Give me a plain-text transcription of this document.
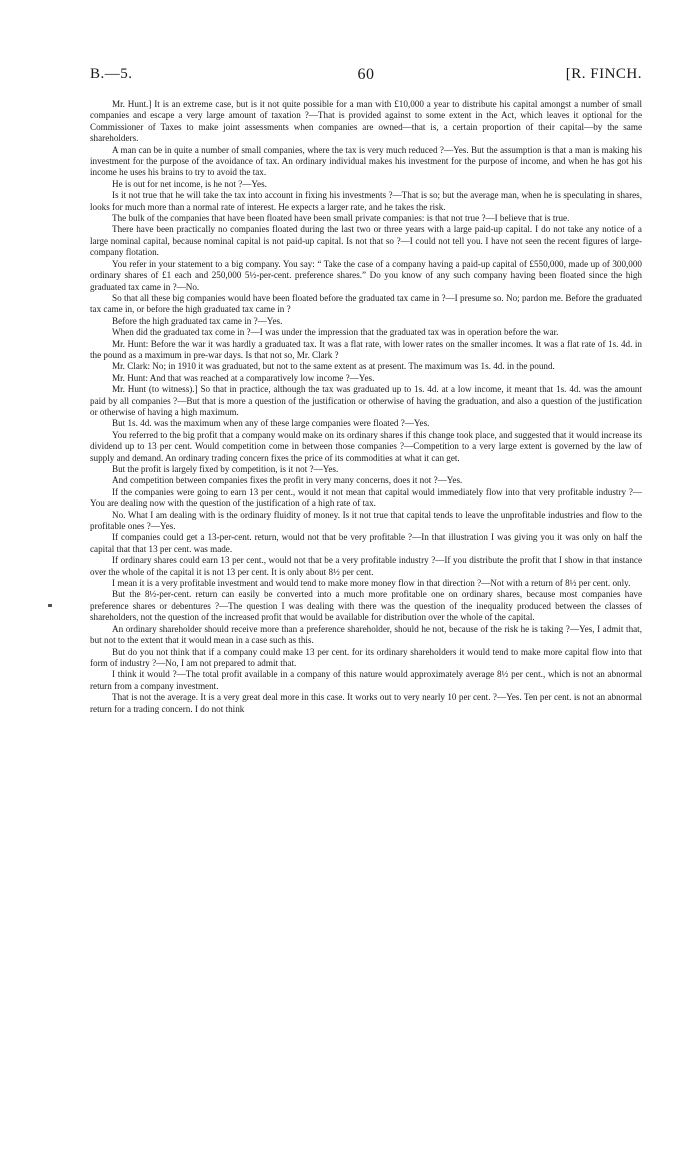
B.—5.	60	[R. FINCH.

Mr. Hunt.] It is an extreme case, but is it not quite possible for a man with £10,000 a year to distribute his capital amongst a number of small companies and escape a very large amount of taxation ?—That is provided against to some extent in the Act, which leaves it optional for the Commissioner of Taxes to make joint assessments when companies are owned—that is, a certain proportion of their capital—by the same shareholders.

A man can be in quite a number of small companies, where the tax is very much reduced ?—Yes. But the assumption is that a man is making his investment for the purpose of the avoidance of tax. An ordinary individual makes his investment for the purpose of income, and when he has got his income he uses his brains to try to avoid the tax.

He is out for net income, is he not ?—Yes.

Is it not true that he will take the tax into account in fixing his investments ?—That is so; but the average man, when he is speculating in shares, looks for much more than a normal rate of interest. He expects a larger rate, and he takes the risk.

The bulk of the companies that have been floated have been small private companies: is that not true ?—I believe that is true.

There have been practically no companies floated during the last two or three years with a large paid-up capital. I do not take any notice of a large nominal capital, because nominal capital is not paid-up capital. Is not that so ?—I could not tell you. I have not seen the recent figures of large-company flotation.

You refer in your statement to a big company. You say: “ Take the case of a company having a paid-up capital of £550,000, made up of 300,000 ordinary shares of £1 each and 250,000 5½-per-cent. preference shares.” Do you know of any such company having been floated since the high graduated tax came in ?—No.

So that all these big companies would have been floated before the graduated tax came in ?—I presume so. No; pardon me. Before the graduated tax came in, or before the high graduated tax came in ?

Before the high graduated tax came in ?—Yes.

When did the graduated tax come in ?—I was under the impression that the graduated tax was in operation before the war.

Mr. Hunt: Before the war it was hardly a graduated tax. It was a flat rate, with lower rates on the smaller incomes. It was a flat rate of 1s. 4d. in the pound as a maximum in pre-war days. Is that not so, Mr. Clark ?

Mr. Clark: No; in 1910 it was graduated, but not to the same extent as at present. The maximum was 1s. 4d. in the pound.

Mr. Hunt: And that was reached at a comparatively low income ?—Yes.

Mr. Hunt (to witness).] So that in practice, although the tax was graduated up to 1s. 4d. at a low income, it meant that 1s. 4d. was the amount paid by all companies ?—But that is more a question of the justification or otherwise of having the graduation, and also a question of the justification or otherwise of having a high maximum.

But 1s. 4d. was the maximum when any of these large companies were floated ?—Yes.

You referred to the big profit that a company would make on its ordinary shares if this change took place, and suggested that it would increase its dividend up to 13 per cent. Would competition come in between those companies ?—Competition to a very large extent is governed by the law of supply and demand. An ordinary trading concern fixes the price of its commodities at what it can get.

But the profit is largely fixed by competition, is it not ?—Yes.

And competition between companies fixes the profit in very many concerns, does it not ?—Yes.

If the companies were going to earn 13 per cent., would it not mean that capital would immediately flow into that very profitable industry ?—You are dealing now with the question of the justification of a high rate of tax.

No. What I am dealing with is the ordinary fluidity of money. Is it not true that capital tends to leave the unprofitable industries and flow to the profitable ones ?—Yes.

If companies could get a 13-per-cent. return, would not that be very profitable ?—In that illustration I was giving you it was only on half the capital that that 13 per cent. was made.

If ordinary shares could earn 13 per cent., would not that be a very profitable industry ?—If you distribute the profit that I show in that instance over the whole of the capital it is not 13 per cent. It is only about 8½ per cent.

I mean it is a very profitable investment and would tend to make more money flow in that direction ?—Not with a return of 8½ per cent. only.

But the 8½-per-cent. return can easily be converted into a much more profitable one on ordinary shares, because most companies have preference shares or debentures ?—The question I was dealing with there was the question of the inequality produced between the classes of shareholders, not the question of the increased profit that would be available for distribution over the whole of the capital.

An ordinary shareholder should receive more than a preference shareholder, should he not, because of the risk he is taking ?—Yes, I admit that, but not to the extent that it would mean in a case such as this.

But do you not think that if a company could make 13 per cent. for its ordinary shareholders it would tend to make more capital flow into that form of industry ?—No, I am not prepared to admit that.

I think it would ?—The total profit available in a company of this nature would approximately average 8½ per cent., which is not an abnormal return from a company investment.

That is not the average. It is a very great deal more in this case. It works out to very nearly 10 per cent. ?—Yes. Ten per cent. is not an abnormal return for a trading concern. I do not think
